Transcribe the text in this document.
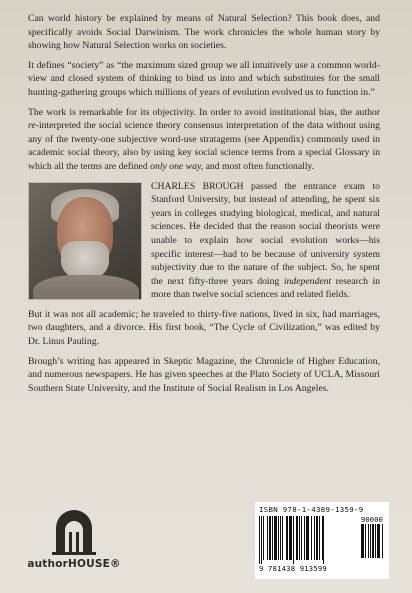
Can world history be explained by means of Natural Selection? This book does, and specifically avoids Social Darwinism. The work chronicles the whole human story by showing how Natural Selection works on societies.

It defines “society” as “the maximum sized group we all intuitively use a common world-view and closed system of thinking to bind us into and which substitutes for the small hunting-gathering groups which millions of years of evolution evolved us to function in.”

The work is remarkable for its objectivity. In order to avoid institutional bias, the author re-interpreted the social science theory consensus interpretation of the data without using any of the twenty-one subjective word-use stratagems (see Appendix) commonly used in academic social theory, also by using key social science terms from a special Glossary in which all the terms are defined only one way, and most often functionally.

CHARLES BROUGH passed the entrance exam to Stanford University, but instead of attending, he spent six years in colleges studying biological, medical, and natural sciences. He decided that the reason social theorists were unable to explain how social evolution works—his specific interest—had to be because of university system subjectivity due to the nature of the subject. So, he spent the next fifty-three years doing independent research in more than twelve social sciences and related fields.

But it was not all academic; he traveled to thirty-five nations, lived in six, had marriages, two daughters, and a divorce. His first book, “The Cycle of Civilization,” was edited by Dr. Linus Pauling.

Brough’s writing has appeared in Skeptic Magazine, the Chronicle of Higher Education, and numerous newspapers. He has given speeches at the Plato Society of UCLA, Missouri Southern State University, and the Institute of Social Realism in Los Angeles.

authorHOUSE®
ISBN 978-1-4389-1359-9
90000
9 781438 913599
